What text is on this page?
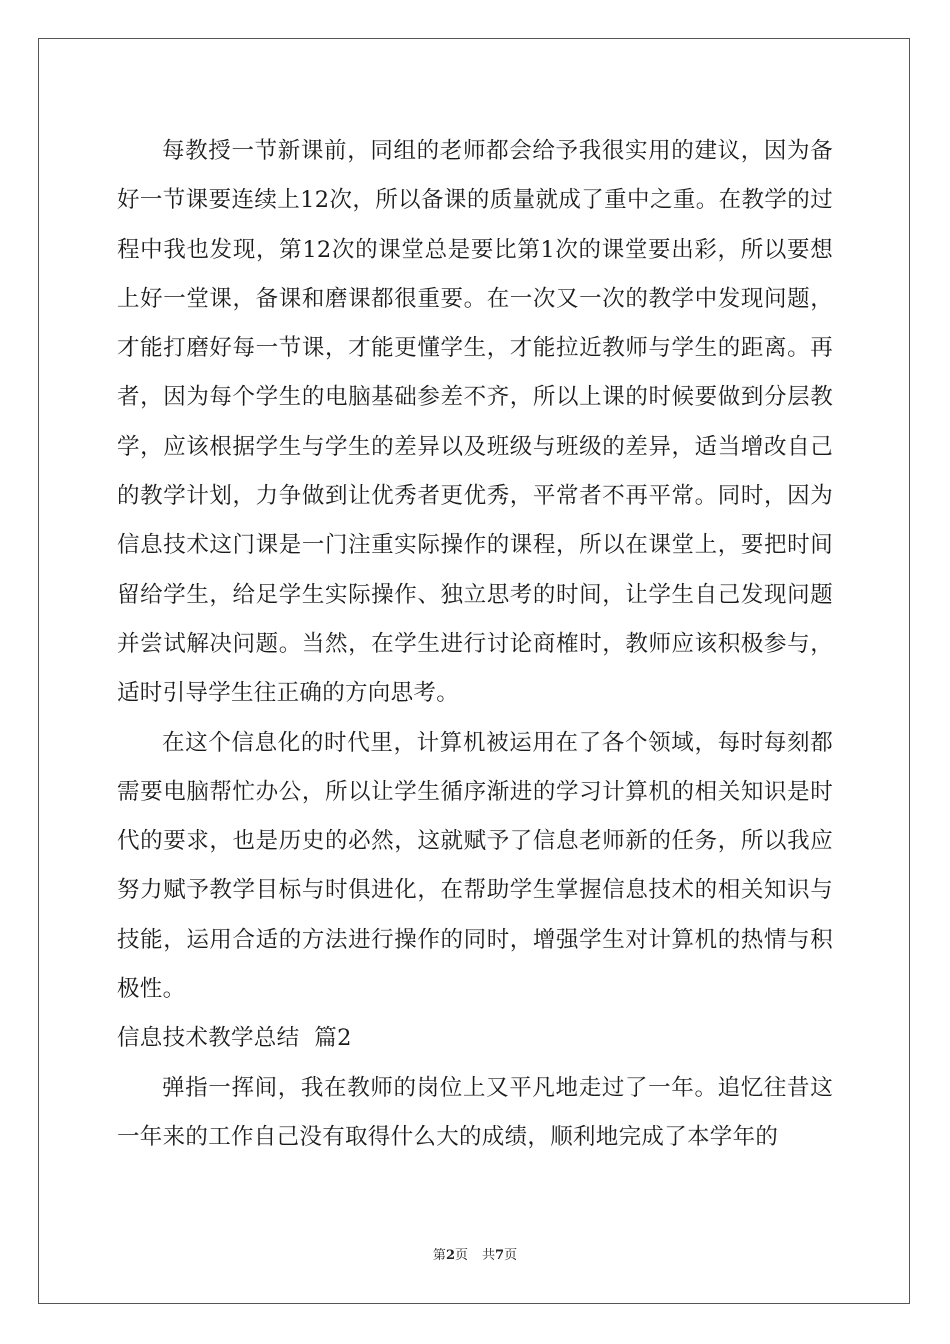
每教授一节新课前，同组的老师都会给予我很实用的建议，因为备好一节课要连续上12次，所以备课的质量就成了重中之重。在教学的过程中我也发现，第12次的课堂总是要比第1次的课堂要出彩，所以要想上好一堂课，备课和磨课都很重要。在一次又一次的教学中发现问题，才能打磨好每一节课，才能更懂学生，才能拉近教师与学生的距离。再者，因为每个学生的电脑基础参差不齐，所以上课的时候要做到分层教学，应该根据学生与学生的差异以及班级与班级的差异，适当增改自己的教学计划，力争做到让优秀者更优秀，平常者不再平常。同时，因为信息技术这门课是一门注重实际操作的课程，所以在课堂上，要把时间留给学生，给足学生实际操作、独立思考的时间，让学生自己发现问题并尝试解决问题。当然，在学生进行讨论商榷时，教师应该积极参与，适时引导学生往正确的方向思考。

在这个信息化的时代里，计算机被运用在了各个领域，每时每刻都需要电脑帮忙办公，所以让学生循序渐进的学习计算机的相关知识是时代的要求，也是历史的必然，这就赋予了信息老师新的任务，所以我应努力赋予教学目标与时俱进化，在帮助学生掌握信息技术的相关知识与技能，运用合适的方法进行操作的同时，增强学生对计算机的热情与积极性。

信息技术教学总结  篇2

弹指一挥间，我在教师的岗位上又平凡地走过了一年。追忆往昔这一年来的工作自己没有取得什么大的成绩，顺利地完成了本学年的

第2页 共7页
